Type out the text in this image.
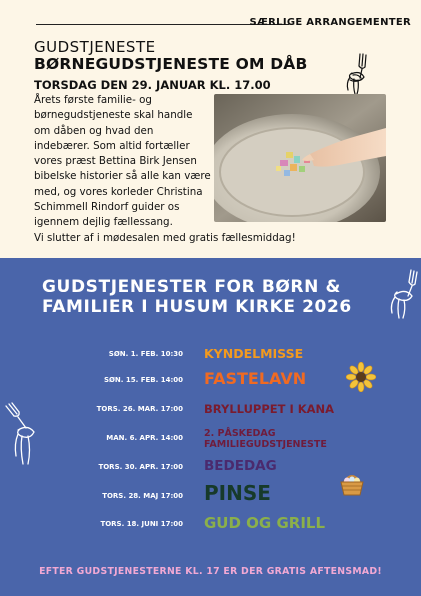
SÆRLIGE ARRANGEMENTER
GUDSTJENESTE
BØRNEGUDSTJENESTE OM DÅB
TORSDAG DEN 29. JANUAR KL. 17.00
Årets første familie- og
børnegudstjeneste skal handle
om dåben og hvad den
indebærer. Som altid fortæller
vores præst Bettina Birk Jensen
bibelske historier så alle kan være
med, og vores korleder Christina
Schimmell Rindorf guider os
igennem dejlig fællessang.
Vi slutter af i mødesalen med gratis fællesmiddag!
GUDSTJENESTER FOR BØRN &
FAMILIER I HUSUM KIRKE 2026
SØN. 1. FEB. 10:30 KYNDELMISSE
SØN. 15. FEB. 14:00 FASTELAVN
TORS. 26. MAR. 17:00 BRYLLUPPET I KANA
MAN. 6. APR. 14:00 2. PÅSKEDAG
FAMILIEGUDSTJENESTE
TORS. 30. APR. 17:00 BEDEDAG
TORS. 28. MAJ 17:00 PINSE
TORS. 18. JUNI 17:00 GUD OG GRILL
EFTER GUDSTJENESTERNE KL. 17 ER DER GRATIS AFTENSMAD!
